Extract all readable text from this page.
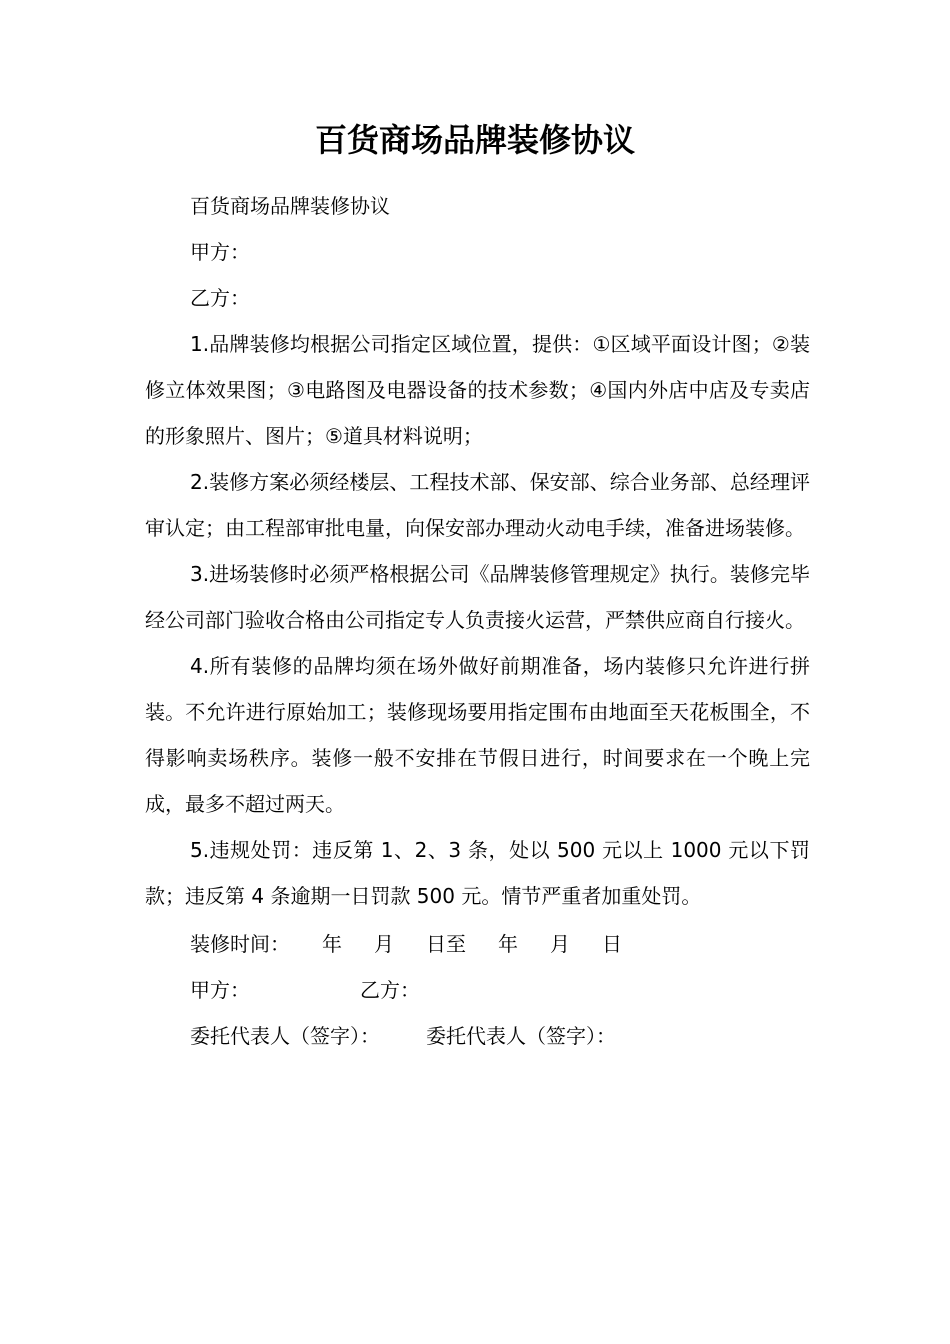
百货商场品牌装修协议

百货商场品牌装修协议

甲方：

乙方：

1.品牌装修均根据公司指定区域位置，提供：①区域平面设计图；②装修立体效果图；③电路图及电器设备的技术参数；④国内外店中店及专卖店的形象照片、图片；⑤道具材料说明；

2.装修方案必须经楼层、工程技术部、保安部、综合业务部、总经理评审认定；由工程部审批电量，向保安部办理动火动电手续，准备进场装修。

3.进场装修时必须严格根据公司《品牌装修管理规定》执行。装修完毕经公司部门验收合格由公司指定专人负责接火运营，严禁供应商自行接火。

4.所有装修的品牌均须在场外做好前期准备，场内装修只允许进行拼装。不允许进行原始加工；装修现场要用指定围布由地面至天花板围全，不得影响卖场秩序。装修一般不安排在节假日进行，时间要求在一个晚上完成，最多不超过两天。

5.违规处罚：违反第 1、2、3 条，处以 500 元以上 1000 元以下罚款；违反第 4 条逾期一日罚款 500 元。情节严重者加重处罚。

装修时间： 年 月 日至 年 月 日

甲方：	乙方：

委托代表人（签字）： 委托代表人（签字）：
